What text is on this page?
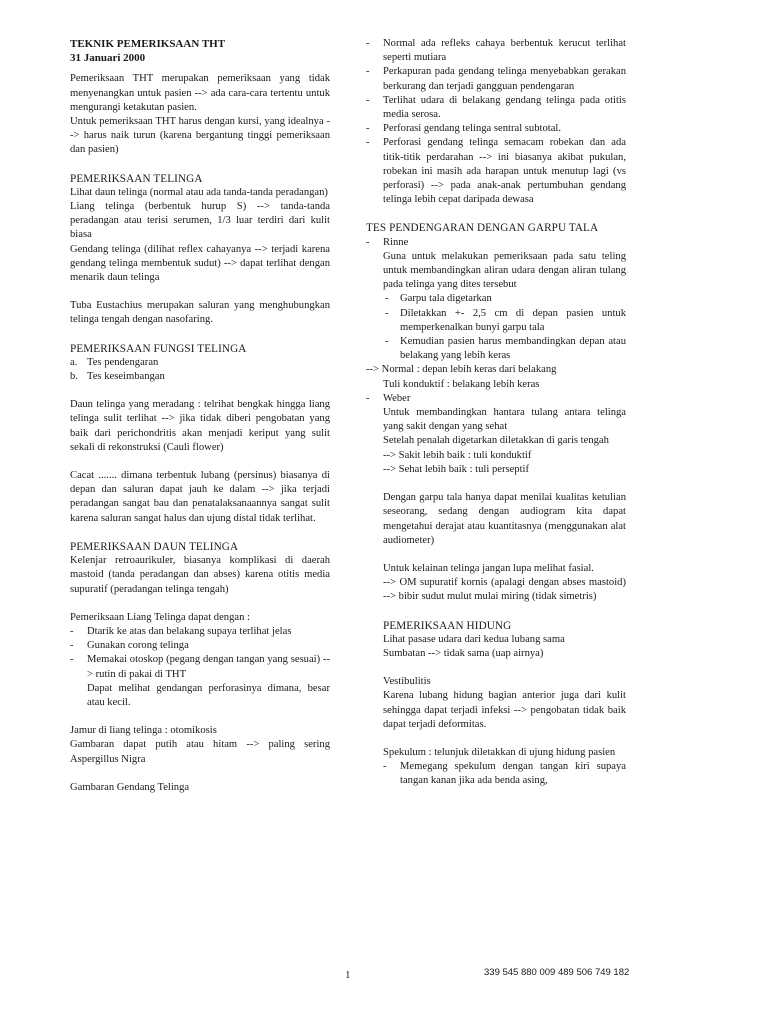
TEKNIK PEMERIKSAAN THT

31 Januari 2000

Pemeriksaan THT merupakan pemeriksaan yang tidak menyenangkan untuk pasien --> ada cara-cara tertentu untuk mengurangi ketakutan pasien.

Untuk pemeriksaan THT harus dengan kursi, yang idealnya --> harus naik turun (karena bergantung tinggi pemeriksaan dan pasien)

PEMERIKSAAN TELINGA

Lihat daun telinga (normal atau ada tanda-tanda peradangan)

Liang telinga (berbentuk hurup S) --> tanda-tanda peradangan atau terisi serumen, 1/3 luar terdiri dari kulit biasa

Gendang telinga (dilihat reflex cahayanya --> terjadi karena gendang telinga membentuk sudut) --> dapat terlihat dengan menarik daun telinga

Tuba Eustachius merupakan saluran yang menghubungkan telinga tengah dengan nasofaring.

PEMERIKSAAN FUNGSI TELINGA

a. Tes pendengaran
b. Tes keseimbangan

Daun telinga yang meradang : telrihat bengkak hingga liang telinga sulit terlihat --> jika tidak diberi pengobatan yang baik dari perichondritis akan menjadi keriput yang sulit sekali di rekonstruksi (Cauli flower)

Cacat ....... dimana terbentuk lubang (persinus) biasanya di depan dan saluran dapat jauh ke dalam --> jika terjadi peradangan sangat bau dan penatalaksanaannya sangat sulit karena saluran sangat halus dan ujung distal tidak terlihat.

PEMERIKSAAN DAUN TELINGA

Kelenjar retroaurikuler, biasanya komplikasi di daerah mastoid (tanda peradangan dan abses) karena otitis media supuratif (peradangan telinga tengah)

Pemeriksaan Liang Telinga dapat dengan :

- Dtarik ke atas dan belakang supaya terlihat jelas
- Gunakan corong telinga
- Memakai otoskop (pegang dengan tangan yang sesuai) --> rutin di pakai di THT

Dapat melihat gendangan perforasinya dimana, besar atau kecil.

Jamur di liang telinga : otomikosis

Gambaran dapat putih atau hitam --> paling sering Aspergillus Nigra

Gambaran Gendang Telinga

- Normal ada refleks cahaya berbentuk kerucut terlihat seperti mutiara
- Perkapuran pada gendang telinga menyebabkan gerakan berkurang dan terjadi gangguan pendengaran
- Terlihat udara di belakang gendang telinga pada otitis media serosa.
- Perforasi gendang telinga sentral subtotal.
- Perforasi gendang telinga semacam robekan dan ada titik-titik perdarahan --> ini biasanya akibat pukulan, robekan ini masih ada harapan untuk menutup lagi (vs perforasi) --> pada anak-anak pertumbuhan gendang telinga lebih cepat daripada dewasa

TES PENDENGARAN DENGAN GARPU TALA

- Rinne

Guna untuk melakukan pemeriksaan pada satu teling untuk membandingkan aliran udara dengan aliran tulang pada telinga yang dites tersebut

- Garpu tala digetarkan
- Diletakkan +- 2,5 cm di depan pasien untuk memperkenalkan bunyi garpu tala
- Kemudian pasien harus membandingkan depan atau belakang yang lebih keras

--> Normal : depan lebih keras dari belakang

Tuli konduktif : belakang lebih keras

- Weber

Untuk membandingkan hantara tulang antara telinga yang sakit dengan yang sehat

Setelah penalah digetarkan diletakkan di garis tengah

--> Sakit lebih baik : tuli konduktif

--> Sehat lebih baik : tuli perseptif

Dengan garpu tala hanya dapat menilai kualitas ketulian seseorang, sedang dengan audiogram kita dapat mengetahui derajat atau kuantitasnya (menggunakan alat audiometer)

Untuk kelainan telinga jangan lupa melihat fasial.

--> OM supuratif kornis (apalagi dengan abses mastoid) --> bibir sudut mulut mulai miring (tidak simetris)

PEMERIKSAAN HIDUNG

Lihat pasase udara dari kedua lubang sama

Sumbatan --> tidak sama (uap airnya)

Vestibulitis

Karena lubang hidung bagian anterior juga dari kulit sehingga dapat terjadi infeksi --> pengobatan tidak baik dapat terjadi deformitas.

Spekulum : telunjuk diletakkan di ujung hidung pasien

- Memegang spekulum dengan tangan kiri supaya tangan kanan jika ada benda asing,
1	339 545 880 009 489 506 749 182
